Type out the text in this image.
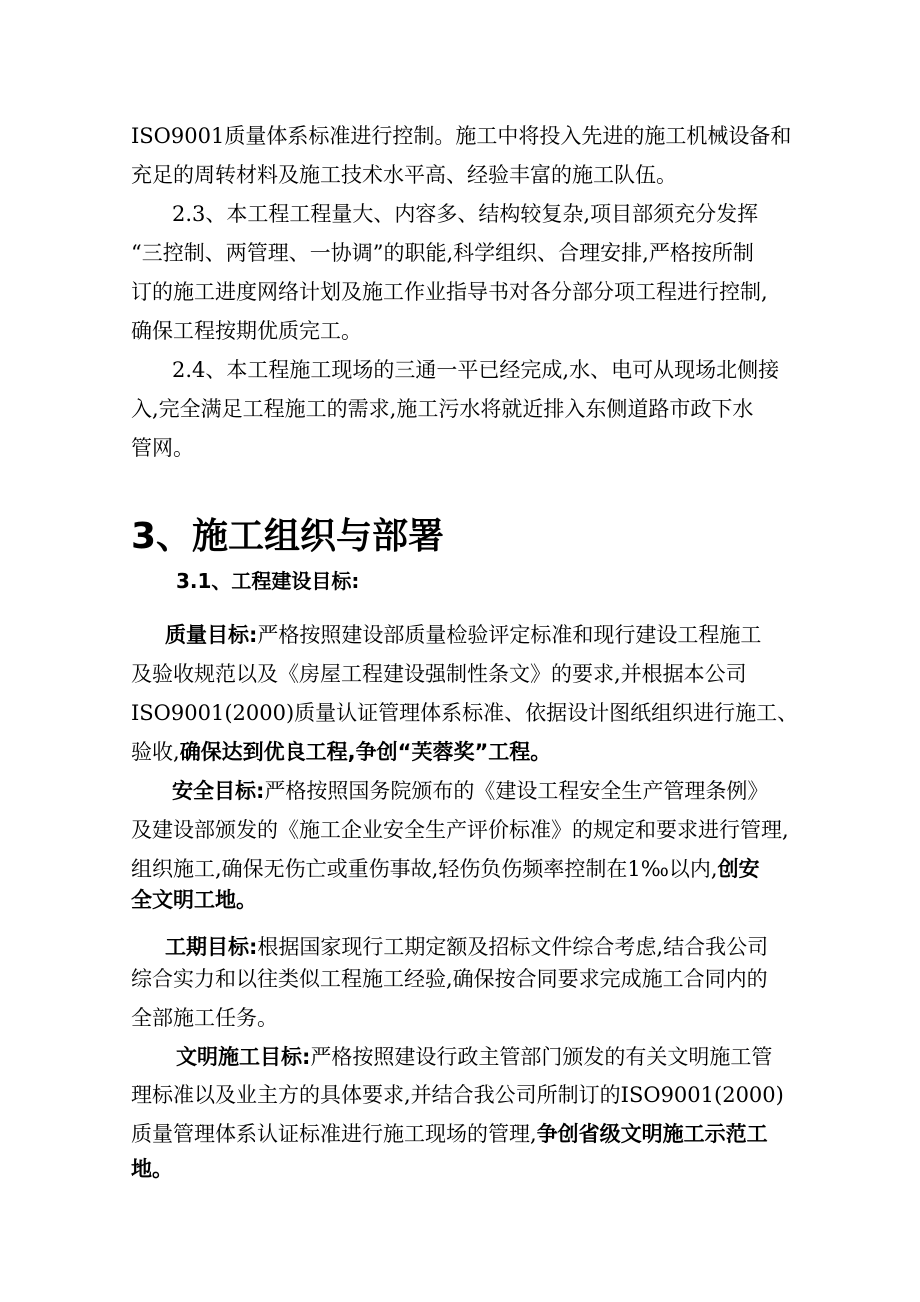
ISO9001质量体系标准进行控制。施工中将投入先进的施工机械设备和
充足的周转材料及施工技术水平高、经验丰富的施工队伍。
2.3、本工程工程量大、内容多、结构较复杂,项目部须充分发挥
“三控制、两管理、一协调”的职能,科学组织、合理安排,严格按所制
订的施工进度网络计划及施工作业指导书对各分部分项工程进行控制,
确保工程按期优质完工。
2.4、本工程施工现场的三通一平已经完成,水、电可从现场北侧接
入,完全满足工程施工的需求,施工污水将就近排入东侧道路市政下水
管网。
3、施工组织与部署
3.1、工程建设目标:
质量目标:严格按照建设部质量检验评定标准和现行建设工程施工
及验收规范以及《房屋工程建设强制性条文》的要求,并根据本公司
ISO9001(2000)质量认证管理体系标准、依据设计图纸组织进行施工、
验收,确保达到优良工程,争创“芙蓉奖”工程。
安全目标:严格按照国务院颁布的《建设工程安全生产管理条例》
及建设部颁发的《施工企业安全生产评价标准》的规定和要求进行管理,
组织施工,确保无伤亡或重伤事故,轻伤负伤频率控制在1‰以内,创安
全文明工地。
工期目标:根据国家现行工期定额及招标文件综合考虑,结合我公司
综合实力和以往类似工程施工经验,确保按合同要求完成施工合同内的
全部施工任务。
文明施工目标:严格按照建设行政主管部门颁发的有关文明施工管
理标准以及业主方的具体要求,并结合我公司所制订的ISO9001(2000)
质量管理体系认证标准进行施工现场的管理,争创省级文明施工示范工
地。
